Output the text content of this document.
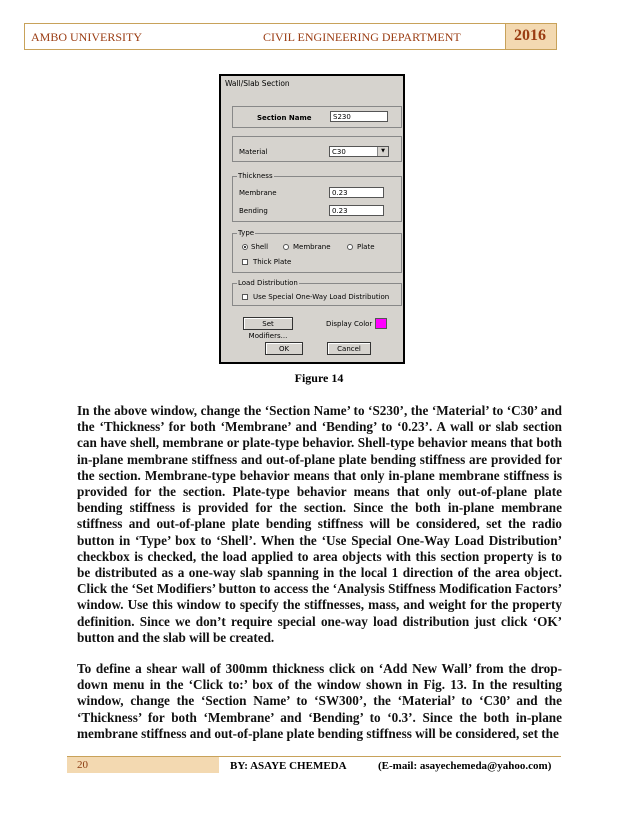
AMBO UNIVERSITY	CIVIL ENGINEERING DEPARTMENT	2016
Wall/Slab Section
Section Name	S230
Material	C30	▼
Thickness
Membrane	0.23
Bending	0.23
Type
Shell	Membrane	Plate
Thick Plate
Load Distribution
Use Special One-Way Load Distribution
Set Modifiers...
Display Color
OK	Cancel
Figure 14
In the above window, change the ‘Section Name’ to ‘S230’, the ‘Material’ to ‘C30’ and the ‘Thickness’ for both ‘Membrane’ and ‘Bending’ to ‘0.23’. A wall or slab section can have shell, membrane or plate-type behavior. Shell-type behavior means that both in-plane membrane stiffness and out-of-plane plate bending stiffness are provided for the section. Membrane-type behavior means that only in-plane membrane stiffness is provided for the section. Plate-type behavior means that only out-of-plane plate bending stiffness is provided for the section. Since the both in-plane membrane stiffness and out-of-plane plate bending stiffness will be considered, set the radio button in ‘Type’ box to ‘Shell’. When the ‘Use Special One-Way Load Distribution’ checkbox is checked, the load applied to area objects with this section property is to be distributed as a one-way slab spanning in the local 1 direction of the area object. Click the ‘Set Modifiers’ button to access the ‘Analysis Stiffness Modification Factors’ window. Use this window to specify the stiffnesses, mass, and weight for the property definition. Since we don’t require special one-way load distribution just click ‘OK’ button and the slab will be created.
To define a shear wall of 300mm thickness click on ‘Add New Wall’ from the drop-down menu in the ‘Click to:’ box of the window shown in Fig. 13. In the resulting window, change the ‘Section Name’ to ‘SW300’, the ‘Material’ to ‘C30’ and the ‘Thickness’ for both ‘Membrane’ and ‘Bending’ to ‘0.3’. Since the both in-plane membrane stiffness and out-of-plane plate bending stiffness will be considered, set the
20	BY: ASAYE CHEMEDA	(E-mail: asayechemeda@yahoo.com)
